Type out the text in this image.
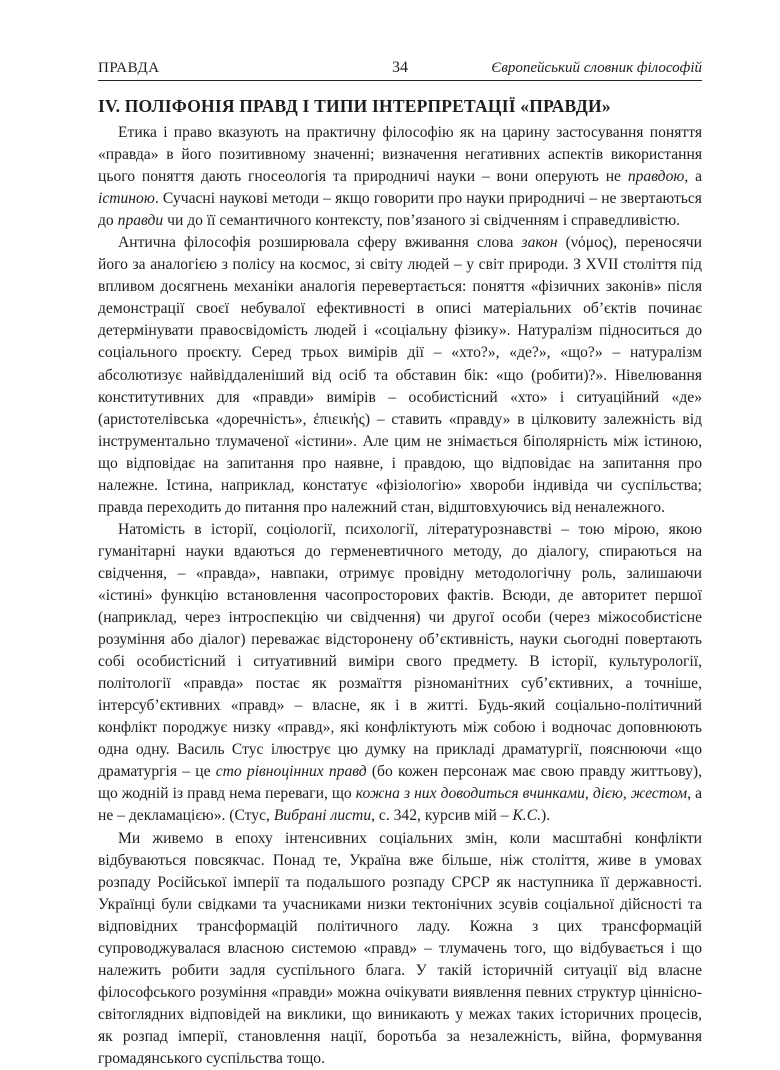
ПРАВДА	34	Європейський словник філософій
IV. ПОЛІФОНІЯ ПРАВД І ТИПИ ІНТЕРПРЕТАЦІЇ «ПРАВДИ»

Етика і право вказують на практичну філософію як на царину застосування поняття «правда» в його позитивному значенні; визначення негативних аспектів використання цього поняття дають гносеологія та природничі науки – вони оперують не правдою, а істиною. Сучасні наукові методи – якщо говорити про науки природничі – не звертаються до правди чи до її семантичного контексту, пов’язаного зі свідченням і справедливістю.

Антична філософія розширювала сферу вживання слова закон (νόμος), переносячи його за аналогією з полісу на космос, зі світу людей – у світ природи. З XVII століття під впливом досягнень механіки аналогія перевертається: поняття «фізичних законів» після демонстрації своєї небувалої ефективності в описі матеріальних об’єктів починає детермінувати правосвідомість людей і «соціальну фізику». Натуралізм підноситься до соціального проєкту. Серед трьох вимірів дії – «хто?», «де?», «що?» – натуралізм абсолютизує найвіддаленіший від осіб та обставин бік: «що (робити)?». Нівелювання конститутивних для «правди» вимірів – особистісний «хто» і ситуаційний «де» (аристотелівська «доречність», ἐπιεικής) – ставить «правду» в цілковиту залежність від інструментально тлумаченої «істини». Але цим не знімається біполярність між істиною, що відповідає на запитання про наявне, і правдою, що відповідає на запитання про належне. Істина, наприклад, констатує «фізіологію» хвороби індивіда чи суспільства; правда переходить до питання про належний стан, відштовхуючись від неналежного.

Натомість в історії, соціології, психології, літературознавстві – тою мірою, якою гуманітарні науки вдаються до герменевтичного методу, до діалогу, спираються на свідчення, – «правда», навпаки, отримує провідну методологічну роль, залишаючи «істині» функцію встановлення часопросторових фактів. Всюди, де авторитет першої (наприклад, через інтроспекцію чи свідчення) чи другої особи (через міжособистісне розуміння або діалог) переважає відсторонену об’єктивність, науки сьогодні повертають собі особистісний і ситуативний виміри свого предмету. В історії, культурології, політології «правда» постає як розмаїття різноманітних суб’єктивних, а точніше, інтерсуб’єктивних «правд» – власне, як і в житті. Будь-який соціально-політичний конфлікт породжує низку «правд», які конфліктують між собою і водночас доповнюють одна одну. Василь Стус ілюструє цю думку на прикладі драматургії, пояснюючи «що драматургія – це сто рівноцінних правд (бо кожен персонаж має свою правду життьову), що жодній із правд нема переваги, що кожна з них доводиться вчинками, дією, жестом, а не – декламацією». (Стус, Вибрані листи, с. 342, курсив мій – К.С.).

Ми живемо в епоху інтенсивних соціальних змін, коли масштабні конфлікти відбуваються повсякчас. Понад те, Україна вже більше, ніж століття, живе в умовах розпаду Російської імперії та подальшого розпаду СРСР як наступника її державності. Українці були свідками та учасниками низки тектонічних зсувів соціальної дійсності та відповідних трансформацій політичного ладу. Кожна з цих трансформацій супроводжувалася власною системою «правд» – тлумачень того, що відбувається і що належить робити задля суспільного блага. У такій історичній ситуації від власне філософського розуміння «правди» можна очікувати виявлення певних структур ціннісно-світоглядних відповідей на виклики, що виникають у межах таких історичних процесів, як розпад імперії, становлення нації, боротьба за незалежність, війна, формування громадянського суспільства тощо.
